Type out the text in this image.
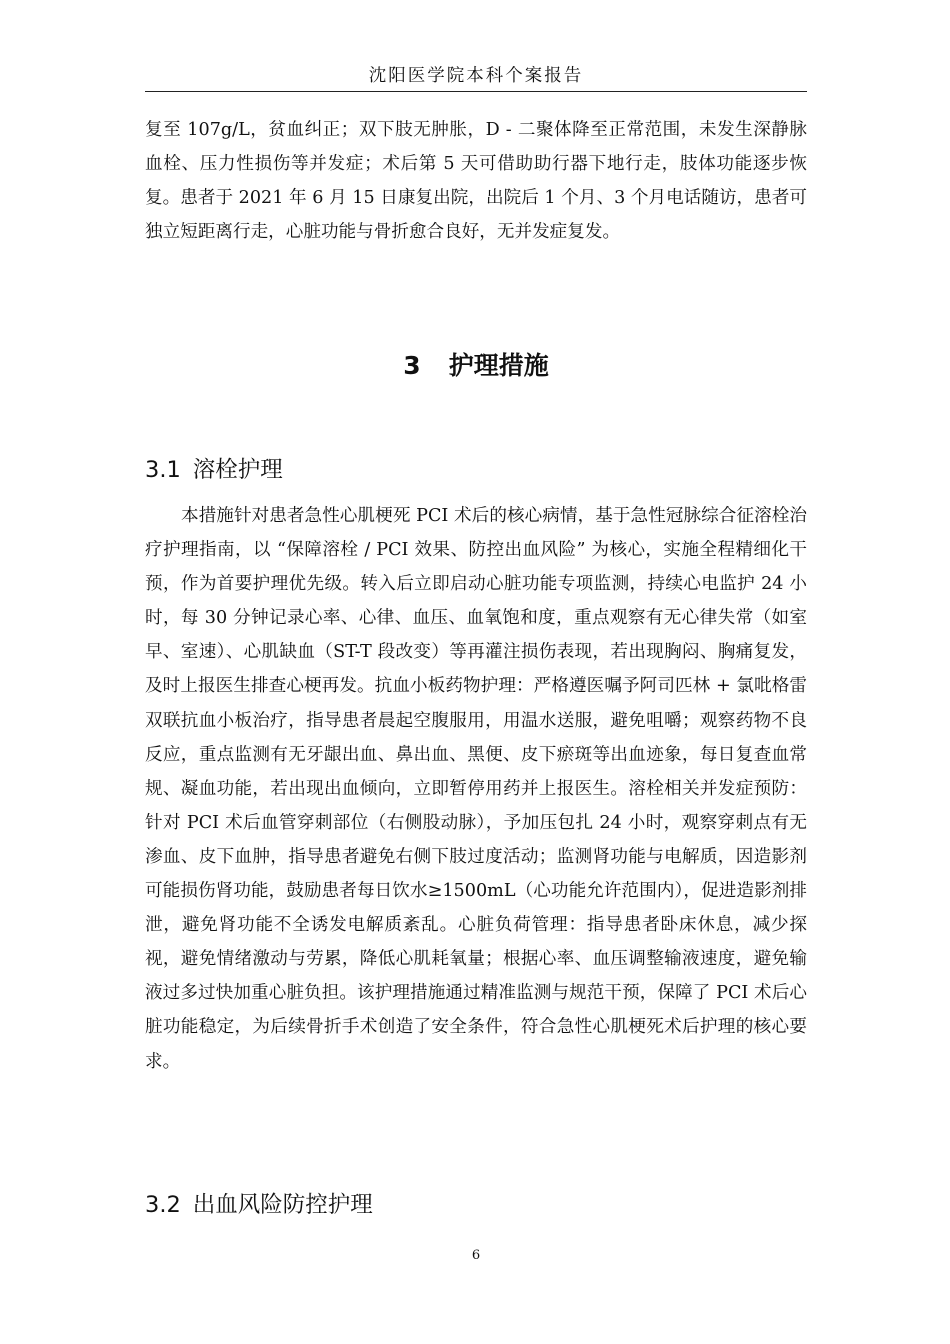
沈阳医学院本科个案报告

复至 107g/L，贫血纠正；双下肢无肿胀，D - 二聚体降至正常范围，未发生深静脉血栓、压力性损伤等并发症；术后第 5 天可借助助行器下地行走，肢体功能逐步恢复。患者于 2021 年 6 月 15 日康复出院，出院后 1 个月、3 个月电话随访，患者可独立短距离行走，心脏功能与骨折愈合良好，无并发症复发。

3 护理措施
3.1 溶栓护理

本措施针对患者急性心肌梗死 PCI 术后的核心病情，基于急性冠脉综合征溶栓治疗护理指南，以 “保障溶栓 / PCI 效果、防控出血风险” 为核心，实施全程精细化干预，作为首要护理优先级。转入后立即启动心脏功能专项监测，持续心电监护 24 小时，每 30 分钟记录心率、心律、血压、血氧饱和度，重点观察有无心律失常（如室早、室速）、心肌缺血（ST-T 段改变）等再灌注损伤表现，若出现胸闷、胸痛复发，及时上报医生排查心梗再发。抗血小板药物护理：严格遵医嘱予阿司匹林 + 氯吡格雷双联抗血小板治疗，指导患者晨起空腹服用，用温水送服，避免咀嚼；观察药物不良反应，重点监测有无牙龈出血、鼻出血、黑便、皮下瘀斑等出血迹象，每日复查血常规、凝血功能，若出现出血倾向，立即暂停用药并上报医生。溶栓相关并发症预防：针对 PCI 术后血管穿刺部位（右侧股动脉），予加压包扎 24 小时，观察穿刺点有无渗血、皮下血肿，指导患者避免右侧下肢过度活动；监测肾功能与电解质，因造影剂可能损伤肾功能，鼓励患者每日饮水≥1500mL（心功能允许范围内），促进造影剂排泄，避免肾功能不全诱发电解质紊乱。心脏负荷管理：指导患者卧床休息，减少探视，避免情绪激动与劳累，降低心肌耗氧量；根据心率、血压调整输液速度，避免输液过多过快加重心脏负担。该护理措施通过精准监测与规范干预，保障了 PCI 术后心脏功能稳定，为后续骨折手术创造了安全条件，符合急性心肌梗死术后护理的核心要求。

3.2 出血风险防控护理
6
